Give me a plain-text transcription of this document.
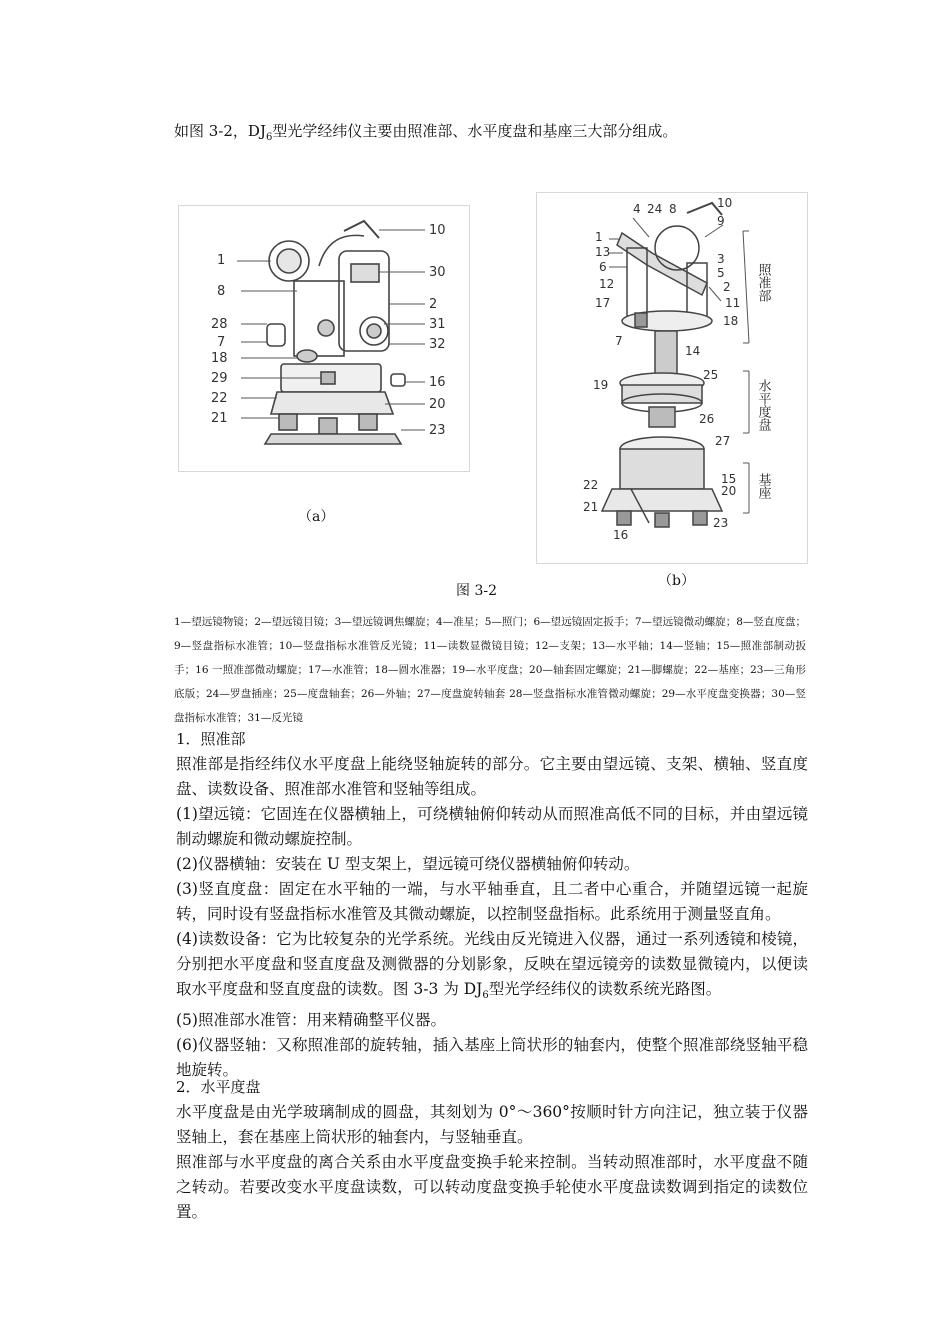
如图 3-2，$DJ_6$型光学经纬仪主要由照准部、水平度盘和基座三大部分组成。
1
8
28
7
18
29
22
21
10
30
2
31
32
16
20
23
（a）
1
13
6
12
17
7
14
4 24 8	10
9
3
5
2
11
18
19
25
26
27
15
20
22
21
23
16
照准部
水平度盘
基座
（b）
图 3-2
1—望远镜物镜；2—望远镜目镜；3—望远镜调焦螺旋；4—准星；5—照门；6—望远镜固定扳手；7—望远镜微动螺旋；8—竖直度盘；9—竖盘指标水准管；10—竖盘指标水准管反光镜；11—读数显微镜目镜；12—支架；13—水平轴；14—竖轴；15—照准部制动扳手；16 一照准部微动螺旋；17—水准管；18—圆水准器；19—水平度盘；20—轴套固定螺旋；21—脚螺旋；22—基座；23—三角形底版；24—罗盘插座；25—度盘轴套；26—外轴；27—度盘旋转轴套 28—竖盘指标水准管微动螺旋；29—水平度盘变换器；30—竖盘指标水准管；31—反光镜
1．照准部
照准部是指经纬仪水平度盘上能绕竖轴旋转的部分。它主要由望远镜、支架、横轴、竖直度盘、读数设备、照准部水准管和竖轴等组成。
(1)望远镜：它固连在仪器横轴上，可绕横轴俯仰转动从而照准高低不同的目标，并由望远镜制动螺旋和微动螺旋控制。
(2)仪器横轴：安装在 U 型支架上，望远镜可绕仪器横轴俯仰转动。
(3)竖直度盘：固定在水平轴的一端，与水平轴垂直，且二者中心重合，并随望远镜一起旋转，同时设有竖盘指标水准管及其微动螺旋，以控制竖盘指标。此系统用于测量竖直角。
(4)读数设备：它为比较复杂的光学系统。光线由反光镜进入仪器，通过一系列透镜和棱镜，分别把水平度盘和竖直度盘及测微器的分划影象，反映在望远镜旁的读数显微镜内，以便读取水平度盘和竖直度盘的读数。图 3-3 为 $DJ_6$型光学经纬仪的读数系统光路图。
(5)照准部水准管：用来精确整平仪器。
(6)仪器竖轴：又称照准部的旋转轴，插入基座上筒状形的轴套内，使整个照准部绕竖轴平稳地旋转。
2．水平度盘
水平度盘是由光学玻璃制成的圆盘，其刻划为 0°～360°按顺时针方向注记，独立装于仪器竖轴上，套在基座上筒状形的轴套内，与竖轴垂直。
照准部与水平度盘的离合关系由水平度盘变换手轮来控制。当转动照准部时，水平度盘不随之转动。若要改变水平度盘读数，可以转动度盘变换手轮使水平度盘读数调到指定的读数位置。
